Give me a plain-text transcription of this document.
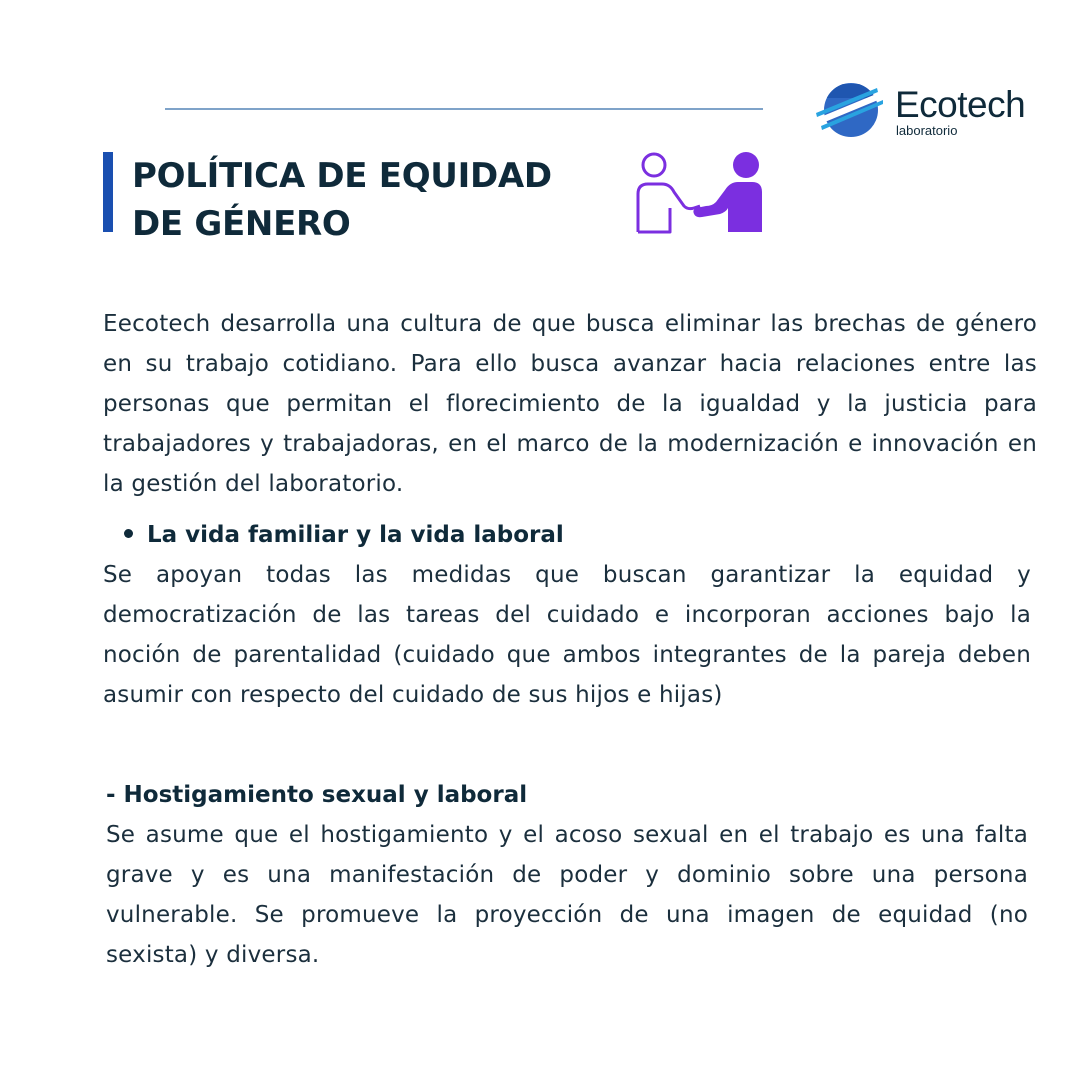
Ecotech
laboratorio
POLÍTICA DE EQUIDAD DE GÉNERO

Eecotech desarrolla una cultura de que busca eliminar las brechas de género en su trabajo cotidiano. Para ello busca avanzar hacia relaciones entre las personas que permitan el florecimiento de la igualdad y la justicia para trabajadores y trabajadoras, en el marco de la modernización e innovación en la gestión del laboratorio.

La vida familiar y la vida laboral

Se apoyan todas las medidas que buscan garantizar la equidad y democratización de las tareas del cuidado e incorporan acciones bajo la noción de parentalidad (cuidado que ambos integrantes de la pareja deben asumir con respecto del cuidado de sus hijos e hijas)

- Hostigamiento sexual y laboral

Se asume que el hostigamiento y el acoso sexual en el trabajo es una falta grave y es una manifestación de poder y dominio sobre una persona vulnerable. Se promueve la proyección de una imagen de equidad (no sexista) y diversa.
